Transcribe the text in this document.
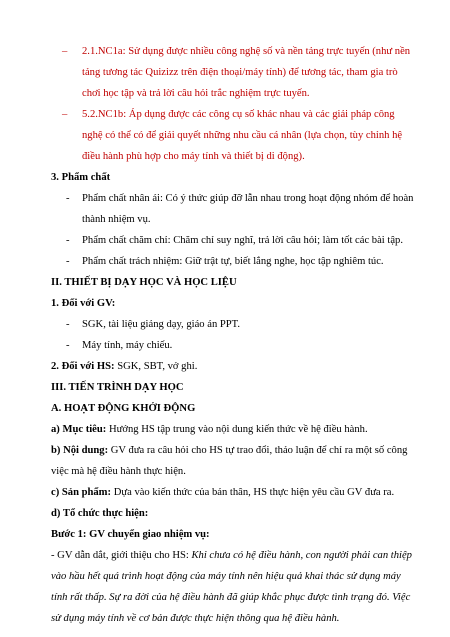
– 2.1.NC1a: Sử dụng được nhiều công nghệ số và nền tảng trực tuyến (như nền
tảng tương tác Quizizz trên điện thoại/máy tính) để tương tác, tham gia trò
chơi học tập và trả lời câu hỏi trắc nghiệm trực tuyến.
– 5.2.NC1b: Áp dụng được các công cụ số khác nhau và các giải pháp công
nghệ có thể có để giải quyết những nhu cầu cá nhân (lựa chọn, tùy chỉnh hệ
điều hành phù hợp cho máy tính và thiết bị di động).
3. Phẩm chất
- Phẩm chất nhân ái: Có ý thức giúp đỡ lẫn nhau trong hoạt động nhóm để hoàn
thành nhiệm vụ.
- Phẩm chất chăm chỉ: Chăm chỉ suy nghĩ, trả lời câu hỏi; làm tốt các bài tập.
- Phẩm chất trách nhiệm: Giữ trật tự, biết lắng nghe, học tập nghiêm túc.
II. THIẾT BỊ DẠY HỌC VÀ HỌC LIỆU
1. Đối với GV:
- SGK, tài liệu giảng dạy, giáo án PPT.
- Máy tính, máy chiếu.
2. Đối với HS: SGK, SBT, vở ghi.
III. TIẾN TRÌNH DẠY HỌC
A. HOẠT ĐỘNG KHỞI ĐỘNG
a) Mục tiêu: Hướng HS tập trung vào nội dung kiến thức về hệ điều hành.
b) Nội dung: GV đưa ra câu hỏi cho HS tự trao đổi, thảo luận để chỉ ra một số công
việc mà hệ điều hành thực hiện.
c) Sản phẩm: Dựa vào kiến thức của bản thân, HS thực hiện yêu cầu GV đưa ra.
d) Tổ chức thực hiện:
Bước 1: GV chuyển giao nhiệm vụ:
- GV dẫn dắt, giới thiệu cho HS: Khi chưa có hệ điều hành, con người phải can thiệp
vào hầu hết quá trình hoạt động của máy tính nên hiệu quả khai thác sử dụng máy
tính rất thấp. Sự ra đời của hệ điều hành đã giúp khắc phục được tình trạng đó. Việc
sử dụng máy tính về cơ bản được thực hiện thông qua hệ điều hành.
